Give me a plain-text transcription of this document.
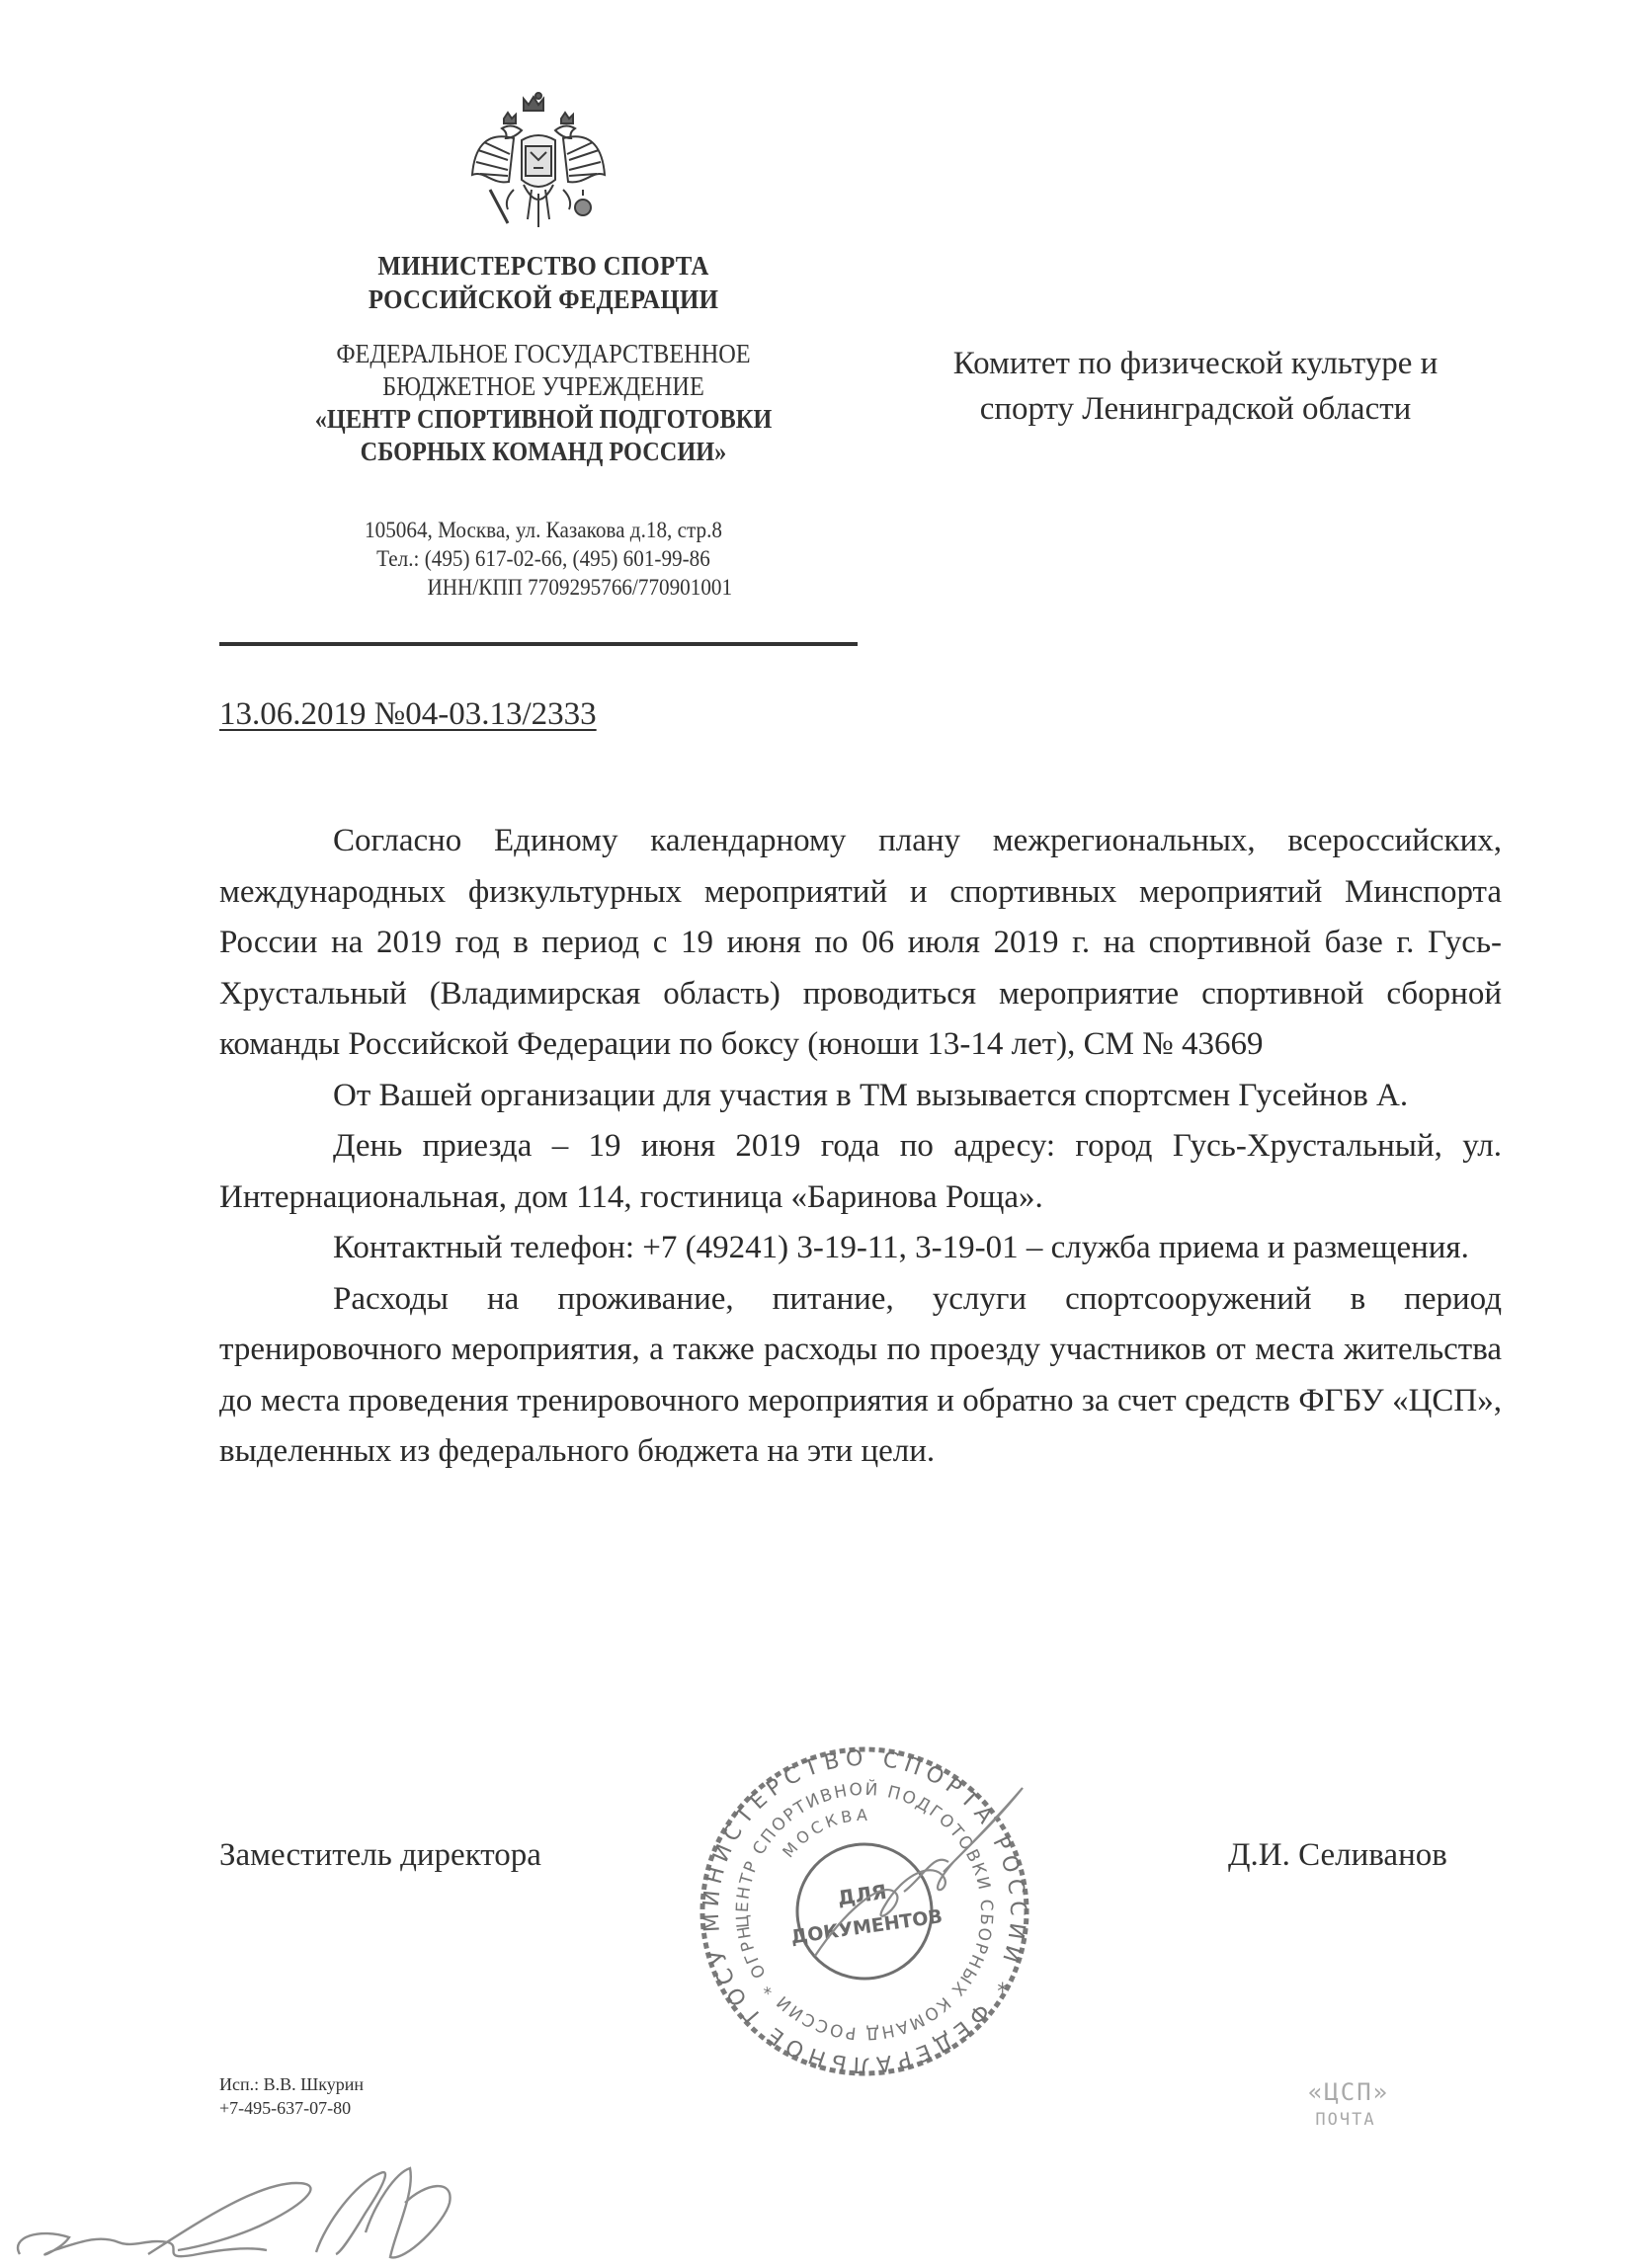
МИНИСТЕРСТВО СПОРТА
РОССИЙСКОЙ ФЕДЕРАЦИИ
ФЕДЕРАЛЬНОЕ ГОСУДАРСТВЕННОЕ
БЮДЖЕТНОЕ УЧРЕЖДЕНИЕ
«ЦЕНТР СПОРТИВНОЙ ПОДГОТОВКИ
СБОРНЫХ КОМАНД РОССИИ»
105064, Москва, ул. Казакова д.18, стр.8
Тел.: (495) 617-02-66, (495) 601-99-86
ИНН/КПП 7709295766/770901001
Комитет по физической культуре и
спорту Ленинградской области
13.06.2019 №04-03.13/2333

Согласно Единому календарному плану межрегиональных, всероссийских, международных физкультурных мероприятий и спортивных мероприятий Минспорта России на 2019 год в период с 19 июня по 06 июля 2019 г. на спортивной базе г. Гусь-Хрустальный (Владимирская область) проводиться мероприятие спортивной сборной команды Российской Федерации по боксу (юноши 13-14 лет), СМ № 43669

От Вашей организации для участия в ТМ вызывается спортсмен Гусейнов А.

День приезда – 19 июня 2019 года по адресу: город Гусь-Хрустальный, ул. Интернациональная, дом 114, гостиница «Баринова Роща».

Контактный телефон: +7 (49241) 3-19-11, 3-19-01 – служба приема и размещения.

Расходы на проживание, питание, услуги спортсооружений в период тренировочного мероприятия, а также расходы по проезду участников от места жительства до места проведения тренировочного мероприятия и обратно за счет средств ФГБУ «ЦСП», выделенных из федерального бюджета на эти цели.

Заместитель директора	Д.И. Селиванов
МИНИСТЕРСТВО СПОРТА РОССИИ * ФЕДЕРАЛЬНОЕ ГОСУДАРСТВЕННОЕ
ЦЕНТР СПОРТИВНОЙ ПОДГОТОВКИ СБОРНЫХ КОМАНД РОССИИ * ОГРН
МОСКВА
ДЛЯ
ДОКУМЕНТОВ
Исп.: В.В. Шкурин
+7-495-637-07-80
«ЦСП»
ПОЧТА
